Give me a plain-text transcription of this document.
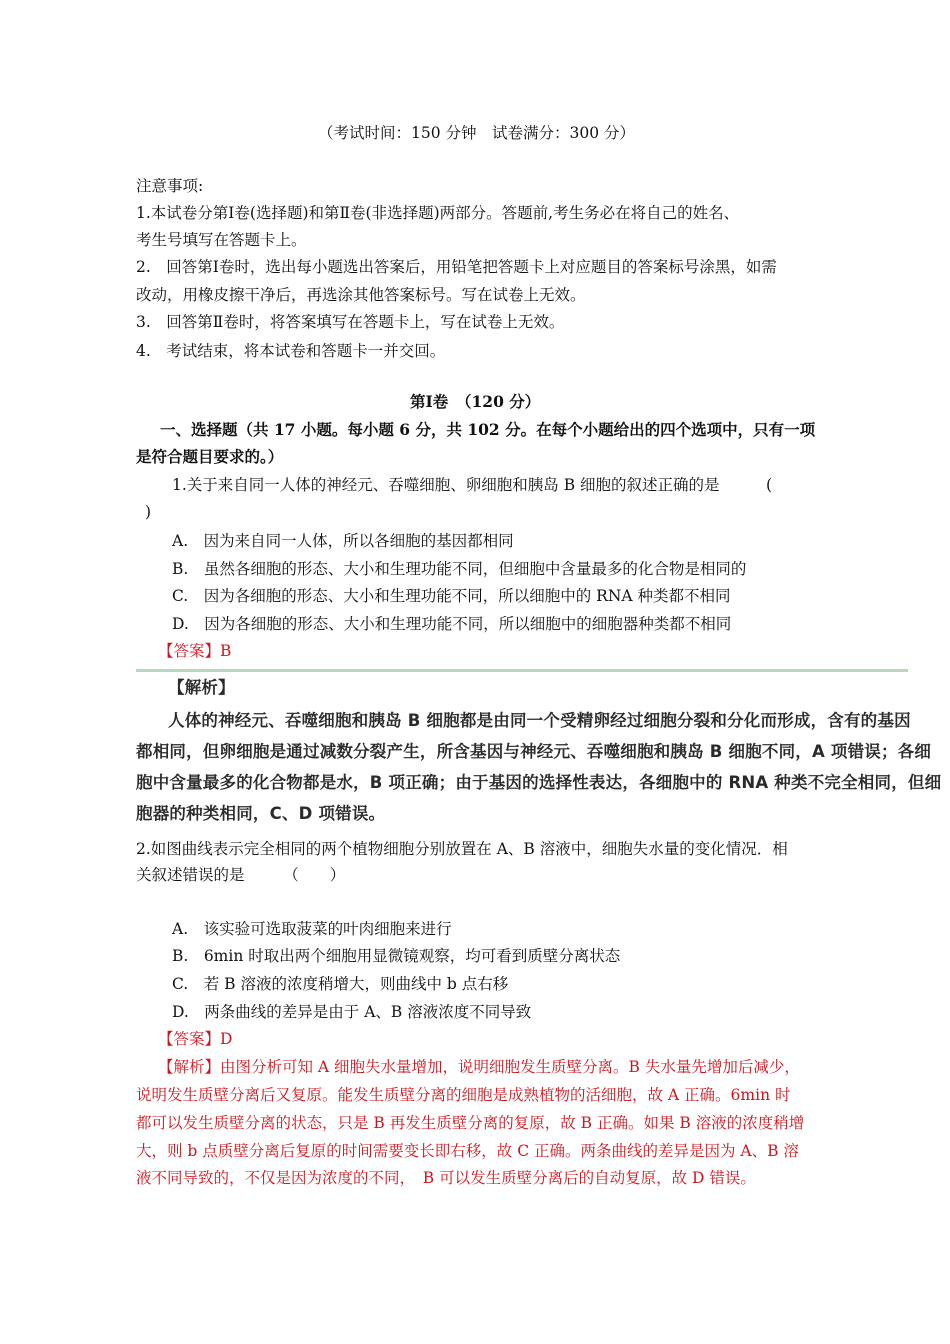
（考试时间：150 分钟　试卷满分：300 分）
注意事项:
1.本试卷分第Ⅰ卷(选择题)和第Ⅱ卷(非选择题)两部分。答题前,考生务必在将自己的姓名、
考生号填写在答题卡上。
2.　回答第Ⅰ卷时，选出每小题选出答案后，用铅笔把答题卡上对应题目的答案标号涂黑，如需
改动，用橡皮擦干净后，再选涂其他答案标号。写在试卷上无效。
3.　回答第Ⅱ卷时，将答案填写在答题卡上，写在试卷上无效。
4.　考试结束，将本试卷和答题卡一并交回。
第Ⅰ卷　（120 分）
一、选择题（共 17 小题。每小题 6 分，共 102 分。在每个小题给出的四个选项中，只有一项
是符合题目要求的。）
1.关于来自同一人体的神经元、吞噬细胞、卵细胞和胰岛 B 细胞的叙述正确的是　　　(
)
A.　因为来自同一人体，所以各细胞的基因都相同
B.　虽然各细胞的形态、大小和生理功能不同，但细胞中含量最多的化合物是相同的
C.　因为各细胞的形态、大小和生理功能不同，所以细胞中的 RNA 种类都不相同
D.　因为各细胞的形态、大小和生理功能不同，所以细胞中的细胞器种类都不相同
【答案】B
【解析】
人体的神经元、吞噬细胞和胰岛 B 细胞都是由同一个受精卵经过细胞分裂和分化而形成，含有的基因
都相同，但卵细胞是通过减数分裂产生，所含基因与神经元、吞噬细胞和胰岛 B 细胞不同，A 项错误；各细
胞中含量最多的化合物都是水，B 项正确；由于基因的选择性表达，各细胞中的 RNA 种类不完全相同，但细
胞器的种类相同，C、D 项错误。
2.如图曲线表示完全相同的两个植物细胞分别放置在 A、B 溶液中，细胞失水量的变化情况．相
关叙述错误的是　　　（　　）
A.　该实验可选取菠菜的叶肉细胞来进行
B.　6min 时取出两个细胞用显微镜观察，均可看到质壁分离状态
C.　若 B 溶液的浓度稍增大，则曲线中 b 点右移
D.　两条曲线的差异是由于 A、B 溶液浓度不同导致
【答案】D
【解析】由图分析可知 A 细胞失水量增加，说明细胞发生质壁分离。B 失水量先增加后减少，
说明发生质壁分离后又复原。能发生质壁分离的细胞是成熟植物的活细胞，故 A 正确。6min 时
都可以发生质壁分离的状态，只是 B 再发生质壁分离的复原，故 B 正确。如果 B 溶液的浓度稍增
大，则 b 点质壁分离后复原的时间需要变长即右移，故 C 正确。两条曲线的差异是因为 A、B 溶
液不同导致的，不仅是因为浓度的不同，　B 可以发生质壁分离后的自动复原，故 D 错误。
